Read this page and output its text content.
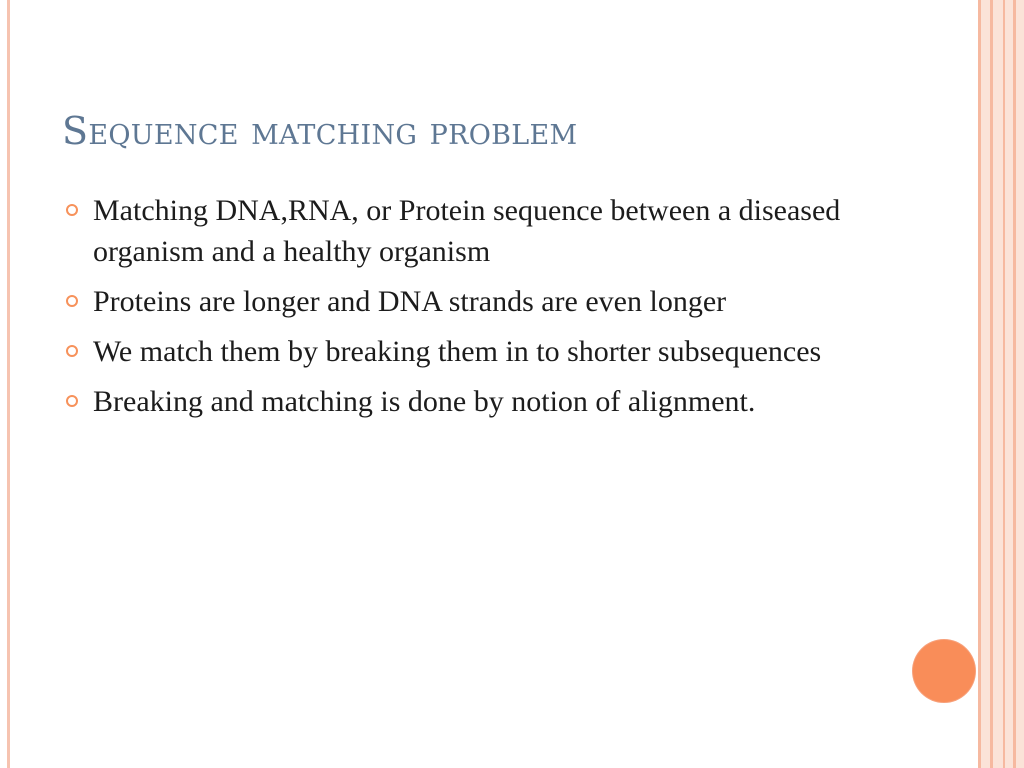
Sequence matching problem
Matching DNA,RNA, or Protein sequence between a diseased organism and a healthy organism
Proteins are longer and DNA strands are even longer
We match them by breaking them in to shorter subsequences
Breaking and matching is done by notion of alignment.
